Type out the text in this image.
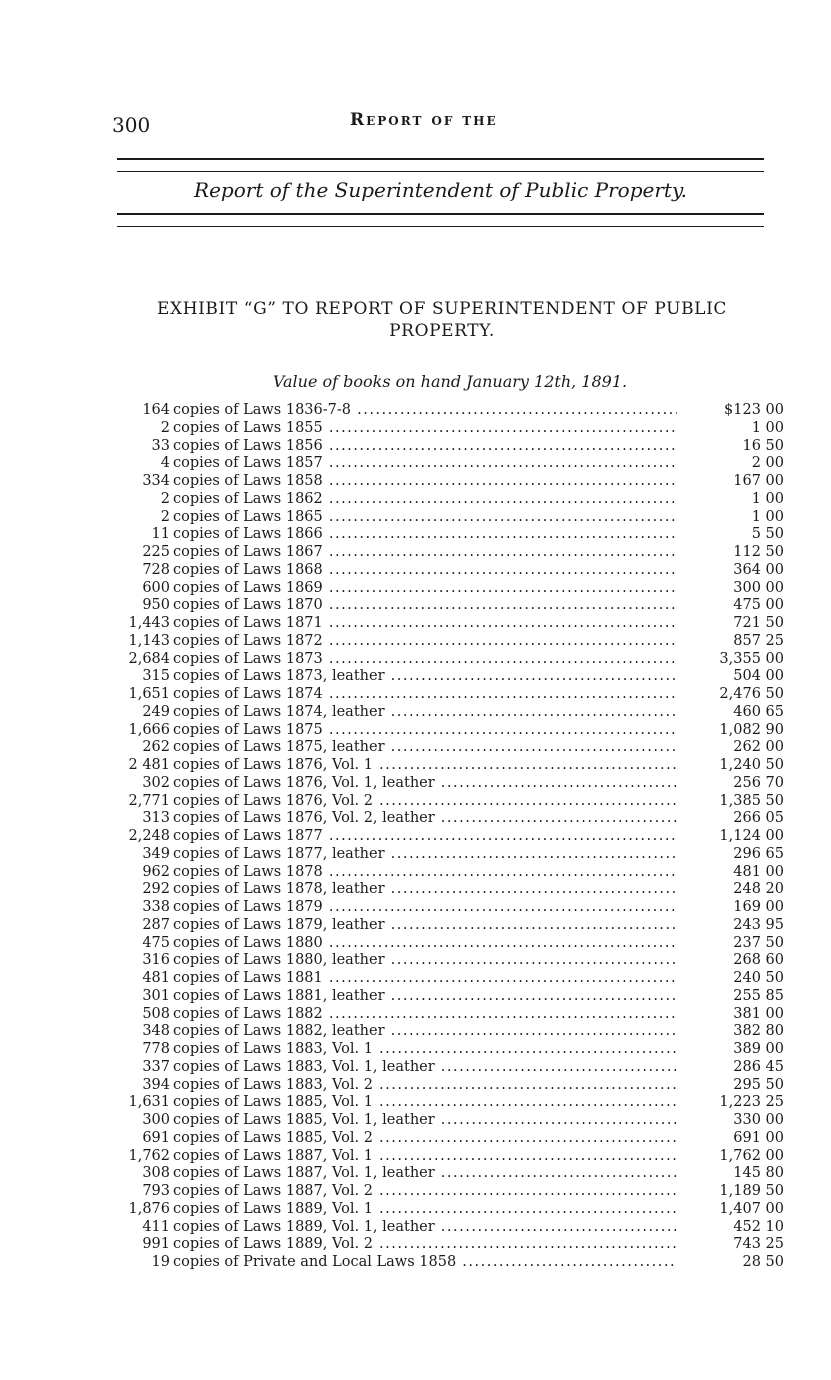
300	Report of the
Report of the Superintendent of Public Property.
EXHIBIT “G” TO REPORT OF SUPERINTENDENT OF PUBLIC
PROPERTY.
Value of books on hand January 12th, 1891.
164 copies of Laws 1836-7-8 .....	$123 00
2 copies of Laws 1855 .....	1 00
33 copies of Laws 1856 .....	16 50
4 copies of Laws 1857 .....	2 00
334 copies of Laws 1858 .....	167 00
2 copies of Laws 1862 .....	1 00
2 copies of Laws 1865 .....	1 00
11 copies of Laws 1866 .....	5 50
225 copies of Laws 1867 .....	112 50
728 copies of Laws 1868 .....	364 00
600 copies of Laws 1869 .....	300 00
950 copies of Laws 1870 .....	475 00
1,443 copies of Laws 1871 .....	721 50
1,143 copies of Laws 1872 .....	857 25
2,684 copies of Laws 1873 .....	3,355 00
315 copies of Laws 1873, leather .....	504 00
1,651 copies of Laws 1874 .....	2,476 50
249 copies of Laws 1874, leather .....	460 65
1,666 copies of Laws 1875 .....	1,082 90
262 copies of Laws 1875, leather .....	262 00
2 481 copies of Laws 1876, Vol. 1 .....	1,240 50
302 copies of Laws 1876, Vol. 1, leather .....	256 70
2,771 copies of Laws 1876, Vol. 2 .....	1,385 50
313 copies of Laws 1876, Vol. 2, leather .....	266 05
2,248 copies of Laws 1877 .....	1,124 00
349 copies of Laws 1877, leather .....	296 65
962 copies of Laws 1878 .....	481 00
292 copies of Laws 1878, leather .....	248 20
338 copies of Laws 1879 .....	169 00
287 copies of Laws 1879, leather .....	243 95
475 copies of Laws 1880 .....	237 50
316 copies of Laws 1880, leather .....	268 60
481 copies of Laws 1881 .....	240 50
301 copies of Laws 1881, leather .....	255 85
508 copies of Laws 1882 .....	381 00
348 copies of Laws 1882, leather .....	382 80
778 copies of Laws 1883, Vol. 1 .....	389 00
337 copies of Laws 1883, Vol. 1, leather .....	286 45
394 copies of Laws 1883, Vol. 2 .....	295 50
1,631 copies of Laws 1885, Vol. 1 .....	1,223 25
300 copies of Laws 1885, Vol. 1, leather .....	330 00
691 copies of Laws 1885, Vol. 2 .....	691 00
1,762 copies of Laws 1887, Vol. 1 .....	1,762 00
308 copies of Laws 1887, Vol. 1, leather .....	145 80
793 copies of Laws 1887, Vol. 2 .....	1,189 50
1,876 copies of Laws 1889, Vol. 1 .....	1,407 00
411 copies of Laws 1889, Vol. 1, leather .....	452 10
991 copies of Laws 1889, Vol. 2 .....	743 25
19 copies of Private and Local Laws 1858 .....	28 50
